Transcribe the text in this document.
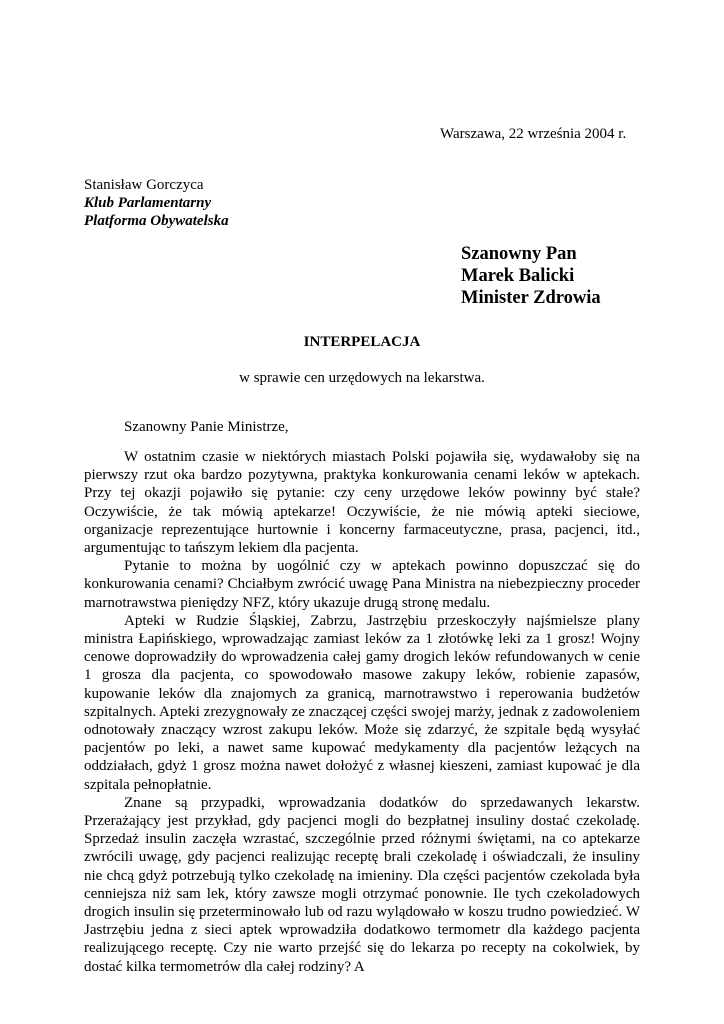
Warszawa, 22 września 2004 r.
Stanisław Gorczyca
Klub Parlamentarny
Platforma Obywatelska
Szanowny Pan
Marek Balicki
Minister Zdrowia
INTERPELACJA
w sprawie cen urzędowych na lekarstwa.
Szanowny Panie Ministrze,

W ostatnim czasie w niektórych miastach Polski pojawiła się, wydawałoby się na pierwszy rzut oka bardzo pozytywna, praktyka konkurowania cenami leków w aptekach. Przy tej okazji pojawiło się pytanie: czy ceny urzędowe leków powinny być stałe? Oczywiście, że tak mówią aptekarze! Oczywiście, że nie mówią apteki sieciowe, organizacje reprezentujące hurtownie i koncerny farmaceutyczne, prasa, pacjenci, itd., argumentując to tańszym lekiem dla pacjenta.

Pytanie to można by uogólnić czy w aptekach powinno dopuszczać się do konkurowania cenami? Chciałbym zwrócić uwagę Pana Ministra na niebezpieczny proceder marnotrawstwa pieniędzy NFZ, który ukazuje drugą stronę medalu.

Apteki w Rudzie Śląskiej, Zabrzu, Jastrzębiu przeskoczyły najśmielsze plany ministra Łapińskiego, wprowadzając zamiast leków za 1 złotówkę leki za 1 grosz! Wojny cenowe doprowadziły do wprowadzenia całej gamy drogich leków refundowanych w cenie 1 grosza dla pacjenta, co spowodowało masowe zakupy leków, robienie zapasów, kupowanie leków dla znajomych za granicą, marnotrawstwo i reperowania budżetów szpitalnych. Apteki zrezygnowały ze znaczącej części swojej marży, jednak z zadowoleniem odnotowały znaczący wzrost zakupu leków. Może się zdarzyć, że szpitale będą wysyłać pacjentów po leki, a nawet same kupować medykamenty dla pacjentów leżących na oddziałach, gdyż 1 grosz można nawet dołożyć z własnej kieszeni, zamiast kupować je dla szpitala pełnopłatnie.

Znane są przypadki, wprowadzania dodatków do sprzedawanych lekarstw. Przerażający jest przykład, gdy pacjenci mogli do bezpłatnej insuliny dostać czekoladę. Sprzedaż insulin zaczęła wzrastać, szczególnie przed różnymi świętami, na co aptekarze zwrócili uwagę, gdy pacjenci realizując receptę brali czekoladę i oświadczali, że insuliny nie chcą gdyż potrzebują tylko czekoladę na imieniny. Dla części pacjentów czekolada była cenniejsza niż sam lek, który zawsze mogli otrzymać ponownie. Ile tych czekoladowych drogich insulin się przeterminowało lub od razu wylądowało w koszu trudno powiedzieć. W Jastrzębiu jedna z sieci aptek wprowadziła dodatkowo termometr dla każdego pacjenta realizującego receptę. Czy nie warto przejść się do lekarza po recepty na cokolwiek, by dostać kilka termometrów dla całej rodziny? A
